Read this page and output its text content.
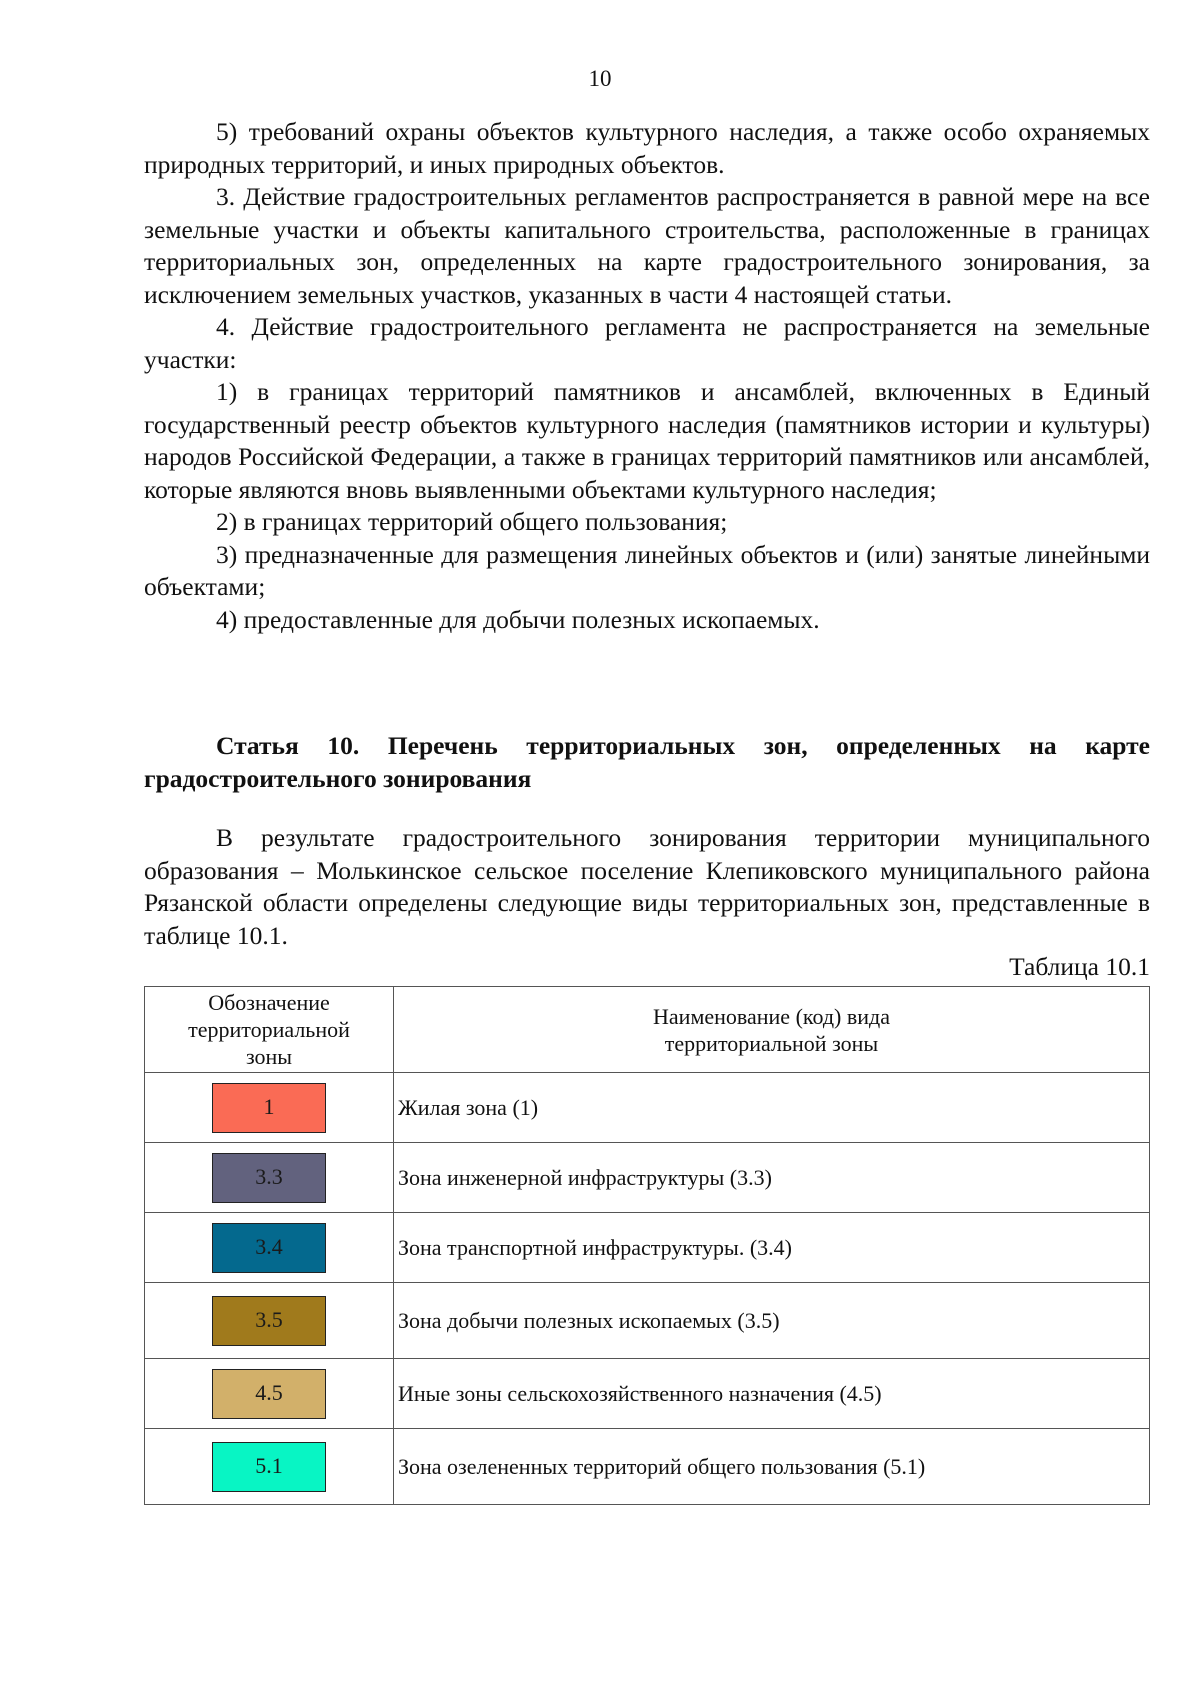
10

5) требований охраны объектов культурного наследия, а также особо охраняемых природных территорий, и иных природных объектов.

3. Действие градостроительных регламентов распространяется в равной мере на все земельные участки и объекты капитального строительства, расположенные в границах территориальных зон, определенных на карте градостроительного зонирования, за исключением земельных участков, указанных в части 4 настоящей статьи.

4. Действие градостроительного регламента не распространяется на земельные участки:

1) в границах территорий памятников и ансамблей, включенных в Единый государственный реестр объектов культурного наследия (памятников истории и культуры) народов Российской Федерации, а также в границах территорий памятников или ансамблей, которые являются вновь выявленными объектами культурного наследия;

2) в границах территорий общего пользования;

3) предназначенные для размещения линейных объектов и (или) занятые линейными объектами;

4) предоставленные для добычи полезных ископаемых.

Статья 10. Перечень территориальных зон, определенных на карте градостроительного зонирования

В результате градостроительного зонирования территории муниципального образования – Молькинское сельское поселение Клепиковского муниципального района Рязанской области определены следующие виды территориальных зон, представленные в таблице 10.1.

Таблица 10.1
Обозначение территориальной зоны	Наименование (код) вида территориальной зоны

1	Жилая зона (1)
3.3	Зона инженерной инфраструктуры (3.3)
3.4	Зона транспортной инфраструктуры. (3.4)
3.5	Зона добычи полезных ископаемых (3.5)
4.5	Иные зоны сельскохозяйственного назначения (4.5)
5.1	Зона озелененных территорий общего пользования (5.1)
